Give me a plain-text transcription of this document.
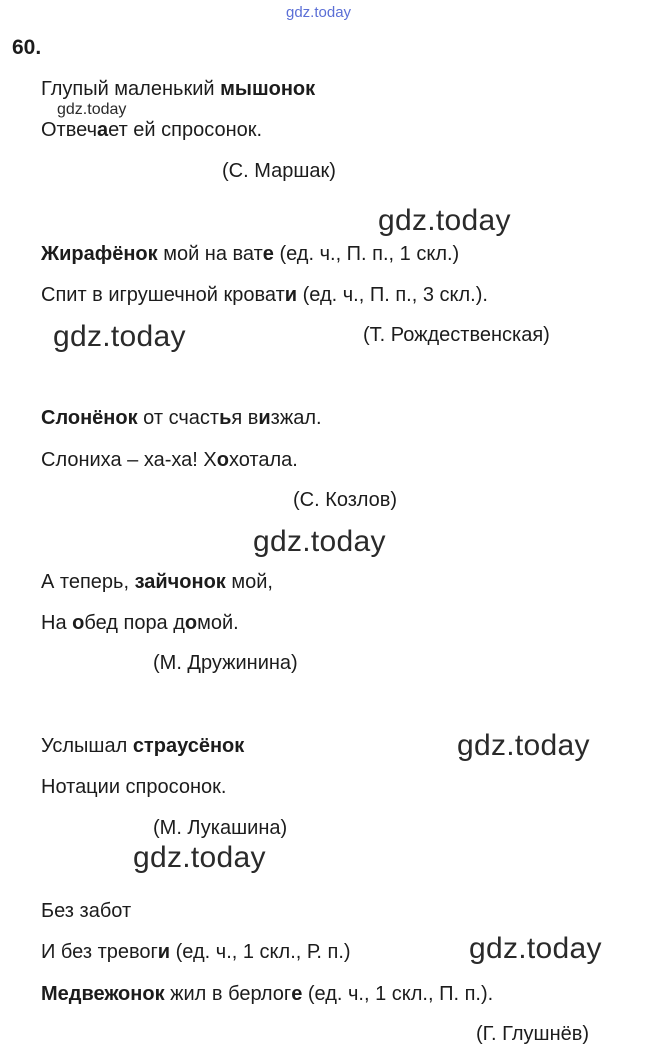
gdz.today
60.
Глупый маленький мышонок
gdz.today
Отвечает ей спросонок.
(С. Маршак)
gdz.today
Жирафёнок мой на вате (ед. ч., П. п., 1 скл.)
Спит в игрушечной кровати (ед. ч., П. п., 3 скл.).
gdz.today	(Т. Рождественская)
Слонёнок от счастья визжал.
Слониха – ха-ха! Хохотала.
(С. Козлов)
gdz.today
А теперь, зайчонок мой,
На обед пора домой.
(М. Дружинина)
Услышал страусёнок	gdz.today
Нотации спросонок.
(М. Лукашина)
gdz.today
Без забот
И без тревоги (ед. ч., 1 скл., Р. п.)	gdz.today
Медвежонок жил в берлоге (ед. ч., 1 скл., П. п.).
(Г. Глушнёв)
